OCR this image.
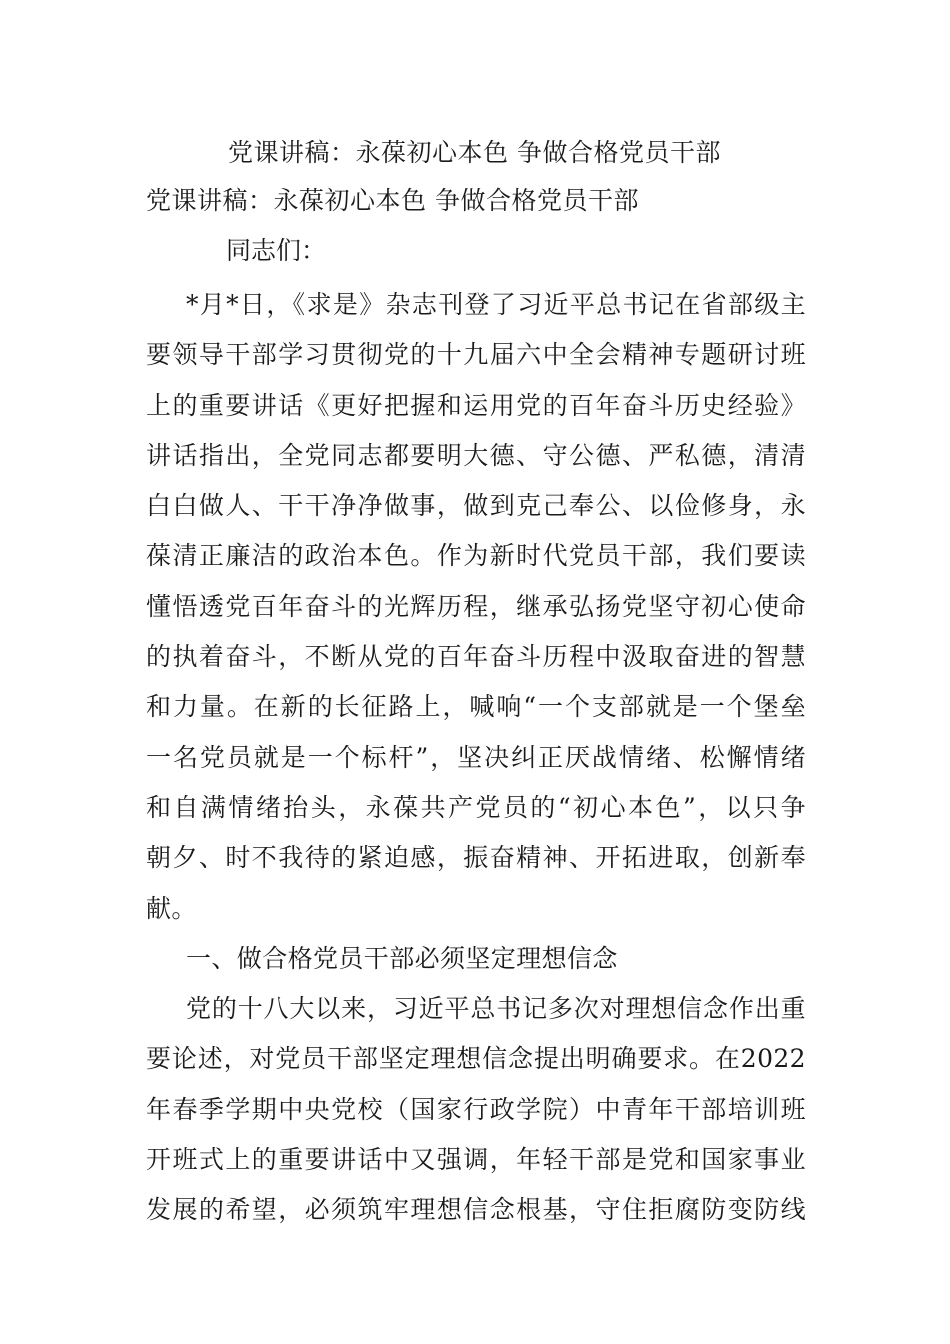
党课讲稿：永葆初心本色 争做合格党员干部
党课讲稿：永葆初心本色 争做合格党员干部
同志们：
*月*日，《求是》杂志刊登了习近平总书记在省部级主
要领导干部学习贯彻党的十九届六中全会精神专题研讨班
上的重要讲话《更好把握和运用党的百年奋斗历史经验》
讲话指出，全党同志都要明大德、守公德、严私德，清清
白白做人、干干净净做事，做到克己奉公、以俭修身，永
葆清正廉洁的政治本色。作为新时代党员干部，我们要读
懂悟透党百年奋斗的光辉历程，继承弘扬党坚守初心使命
的执着奋斗，不断从党的百年奋斗历程中汲取奋进的智慧
和力量。在新的长征路上，喊响“一个支部就是一个堡垒
一名党员就是一个标杆”，坚决纠正厌战情绪、松懈情绪
和自满情绪抬头，永葆共产党员的“初心本色”，以只争
朝夕、时不我待的紧迫感，振奋精神、开拓进取，创新奉
献。
一、做合格党员干部必须坚定理想信念
党的十八大以来，习近平总书记多次对理想信念作出重
要论述，对党员干部坚定理想信念提出明确要求。在2022
年春季学期中央党校（国家行政学院）中青年干部培训班
开班式上的重要讲话中又强调，年轻干部是党和国家事业
发展的希望，必须筑牢理想信念根基，守住拒腐防变防线
